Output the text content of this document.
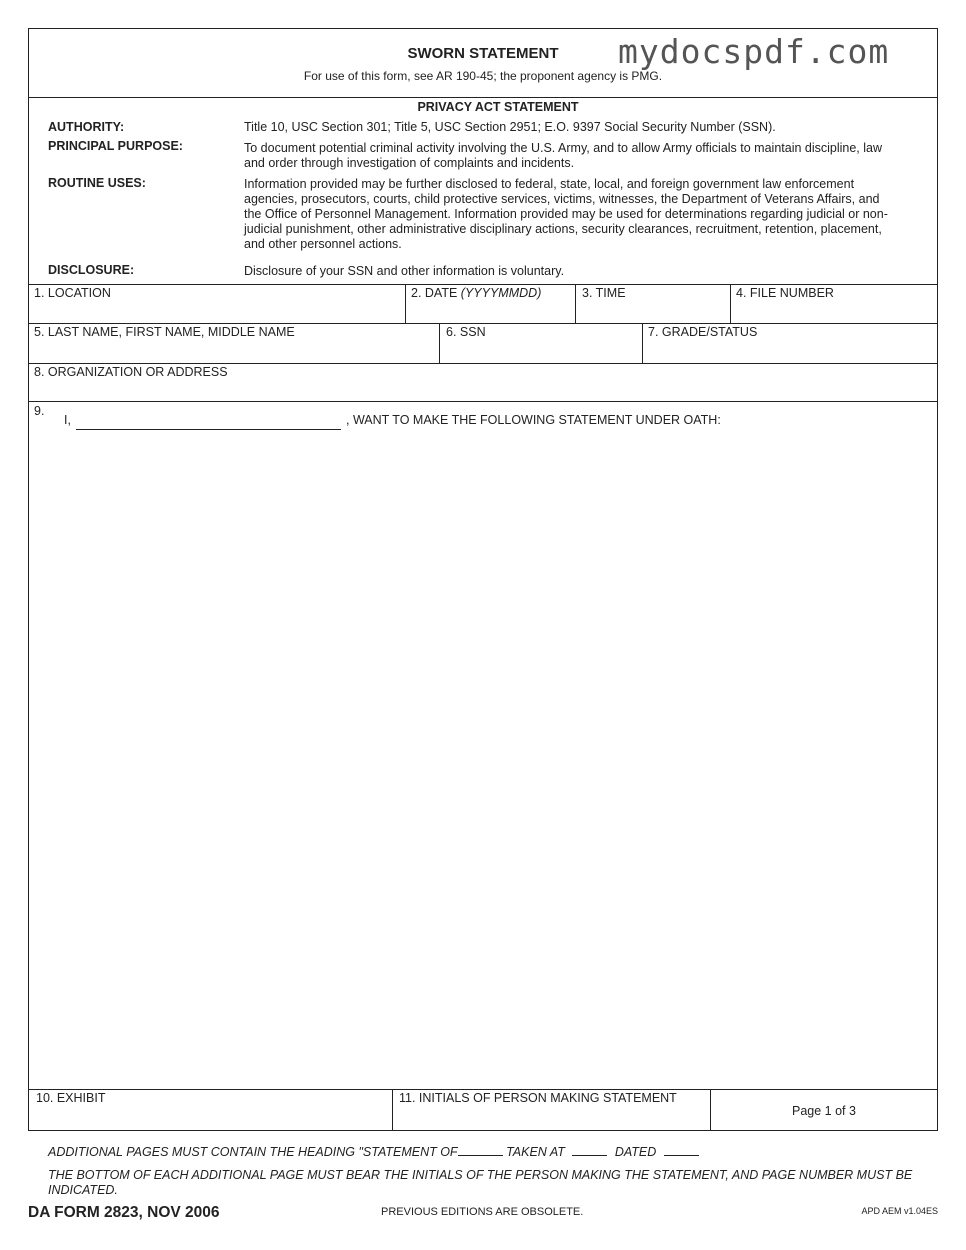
SWORN STATEMENT
For use of this form, see AR 190-45; the proponent agency is PMG.
mydocspdf.com
PRIVACY ACT STATEMENT
AUTHORITY:	Title 10, USC Section 301; Title 5, USC Section 2951; E.O. 9397 Social Security Number (SSN).
PRINCIPAL PURPOSE:	To document potential criminal activity involving the U.S. Army, and to allow Army officials to maintain discipline, law and order through investigation of complaints and incidents.
ROUTINE USES:	Information provided may be further disclosed to federal, state, local, and foreign government law enforcement agencies, prosecutors, courts, child protective services, victims, witnesses, the Department of Veterans Affairs, and the Office of Personnel Management. Information provided may be used for determinations regarding judicial or non-judicial punishment, other administrative disciplinary actions, security clearances, recruitment, retention, placement, and other personnel actions.
DISCLOSURE:	Disclosure of your SSN and other information is voluntary.
1. LOCATION	2. DATE (YYYYMMDD)	3. TIME	4. FILE NUMBER
5. LAST NAME, FIRST NAME, MIDDLE NAME	6. SSN	7. GRADE/STATUS
8. ORGANIZATION OR ADDRESS
9.
I,	, WANT TO MAKE THE FOLLOWING STATEMENT UNDER OATH:
10. EXHIBIT	11. INITIALS OF PERSON MAKING STATEMENT
Page 1 of 3
ADDITIONAL PAGES MUST CONTAIN THE HEADING "STATEMENT OF	TAKEN AT	DATED
THE BOTTOM OF EACH ADDITIONAL PAGE MUST BEAR THE INITIALS OF THE PERSON MAKING THE STATEMENT, AND PAGE NUMBER MUST BE INDICATED.
DA FORM 2823, NOV 2006	PREVIOUS EDITIONS ARE OBSOLETE.	APD AEM v1.04ES
